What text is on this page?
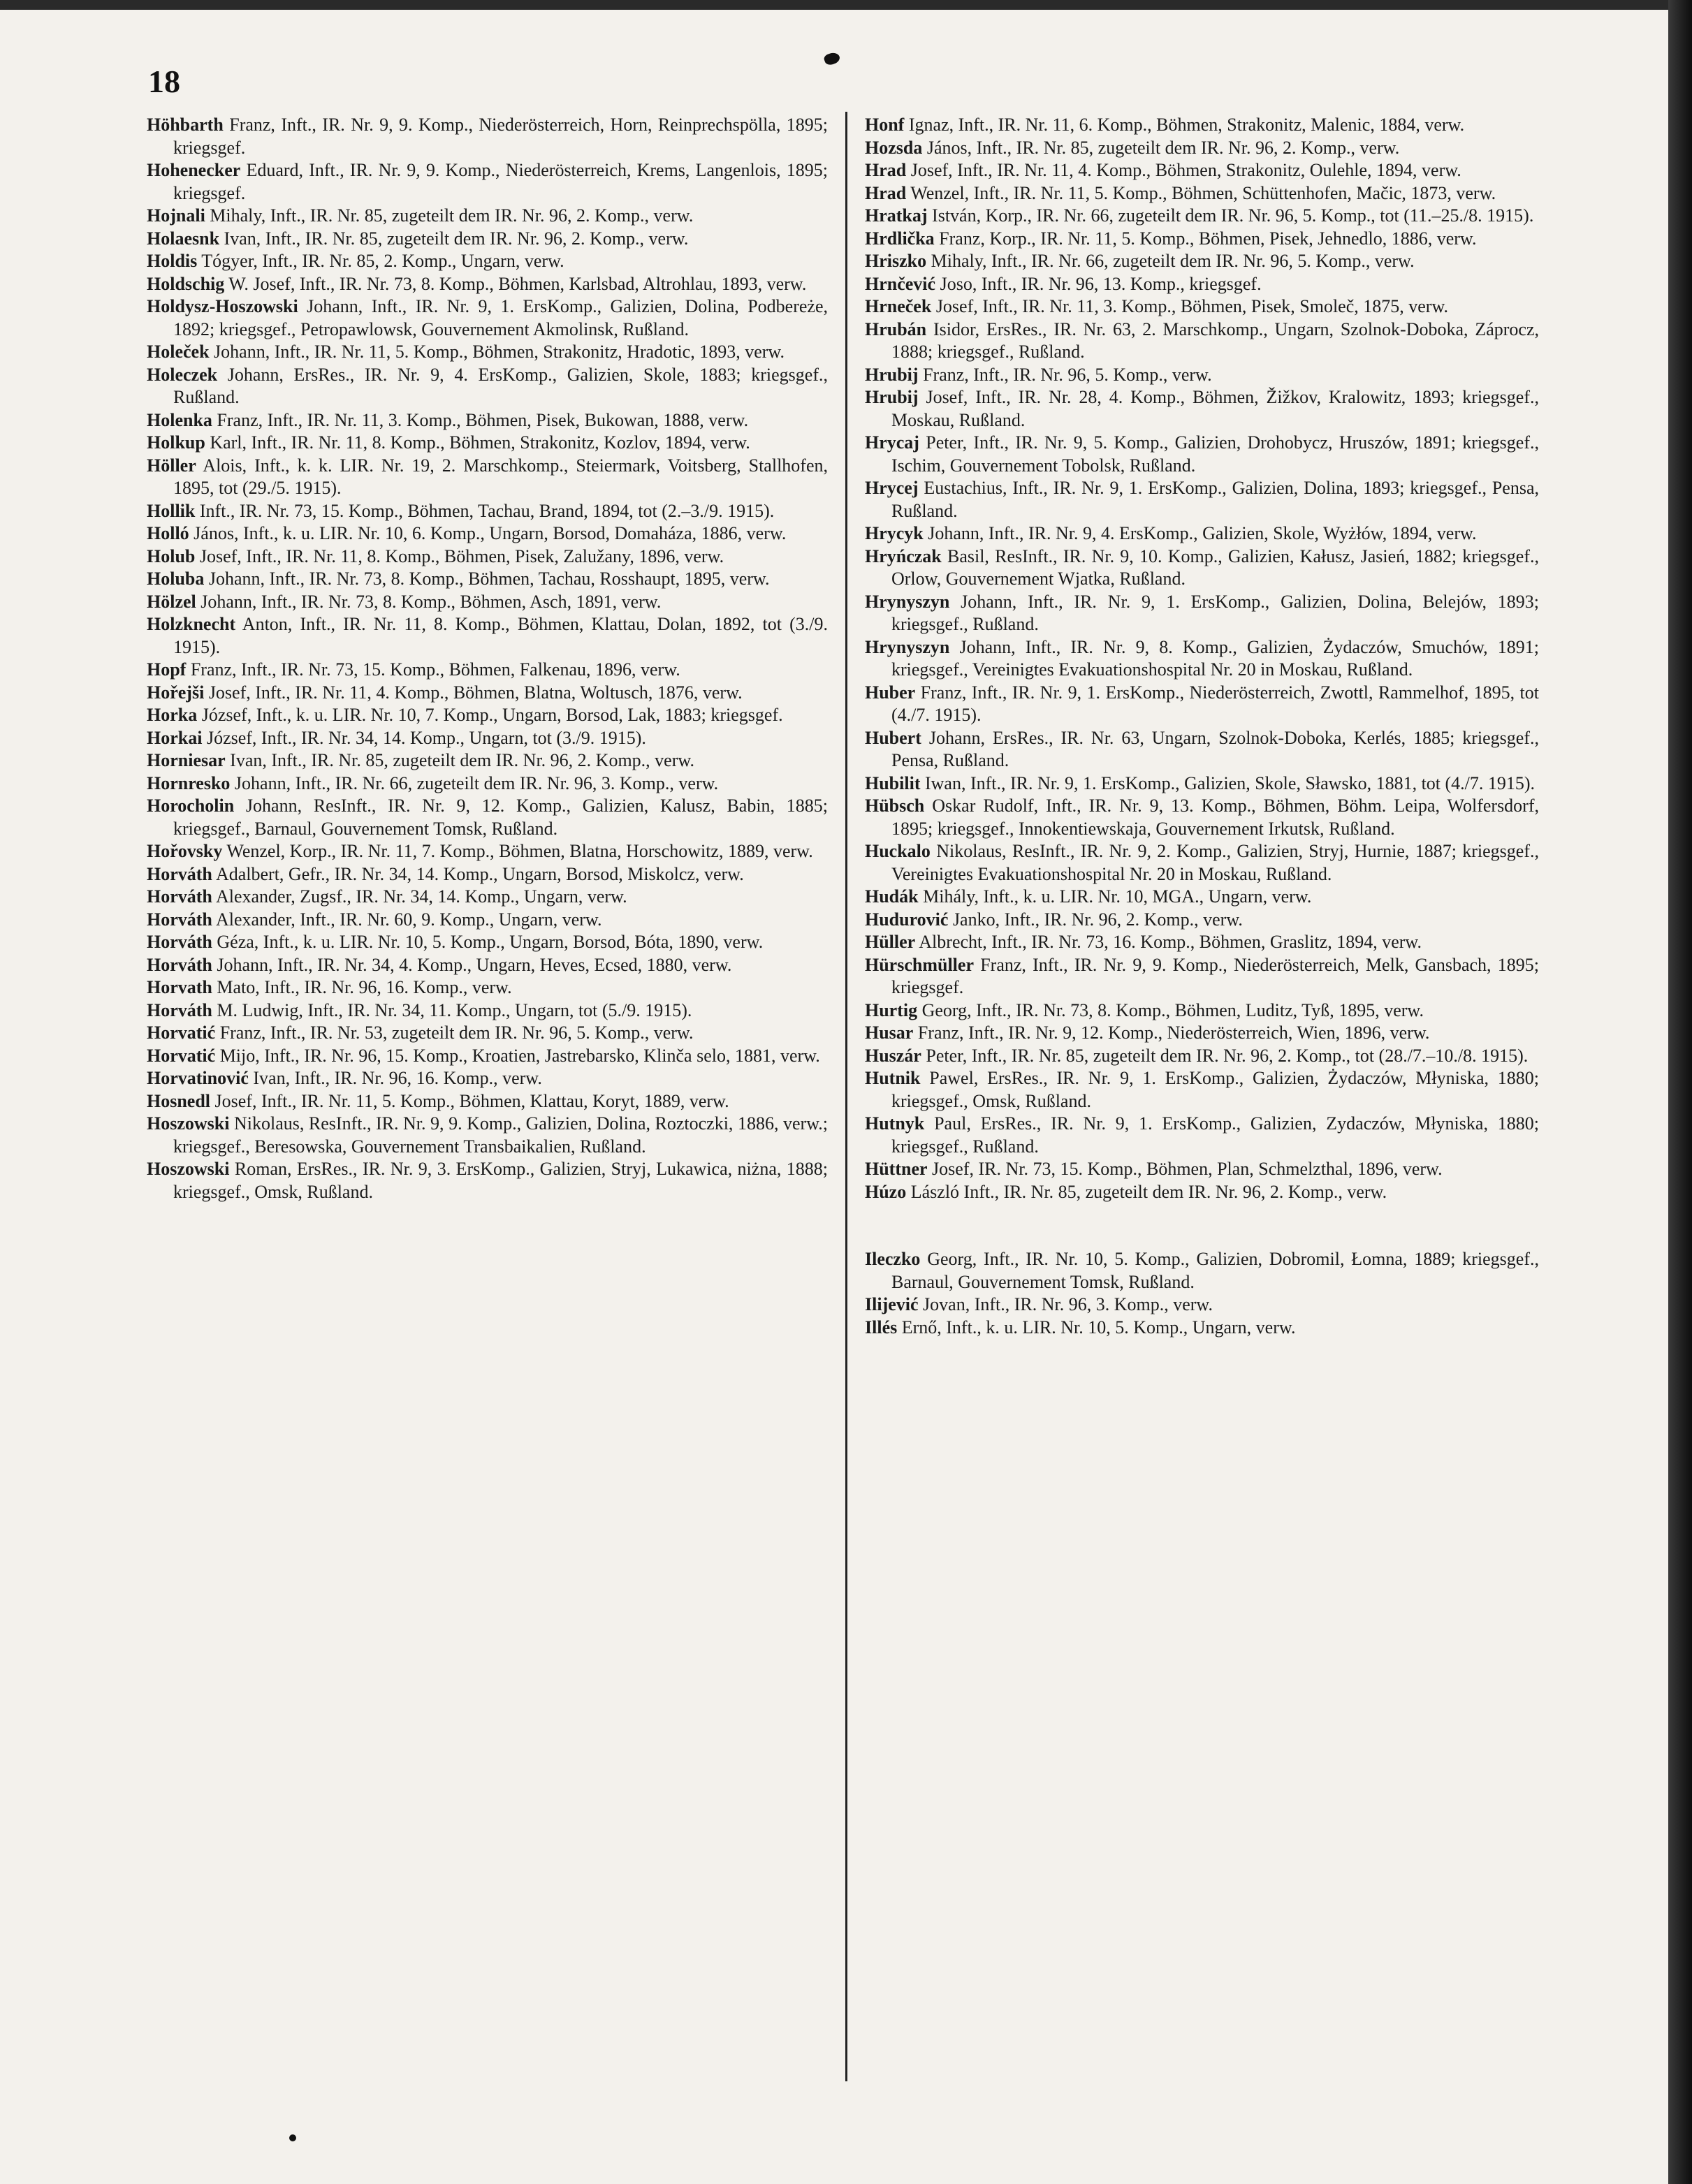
18

Höhbarth Franz, Inft., IR. Nr. 9, 9. Komp., Niederösterreich, Horn, Reinprechspölla, 1895; kriegsgef.

Hohenecker Eduard, Inft., IR. Nr. 9, 9. Komp., Niederösterreich, Krems, Langenlois, 1895; kriegsgef.

Hojnali Mihaly, Inft., IR. Nr. 85, zugeteilt dem IR. Nr. 96, 2. Komp., verw.

Holaesnk Ivan, Inft., IR. Nr. 85, zugeteilt dem IR. Nr. 96, 2. Komp., verw.

Holdis Tógyer, Inft., IR. Nr. 85, 2. Komp., Ungarn, verw.

Holdschig W. Josef, Inft., IR. Nr. 73, 8. Komp., Böhmen, Karlsbad, Altrohlau, 1893, verw.

Holdysz-Hoszowski Johann, Inft., IR. Nr. 9, 1. ErsKomp., Galizien, Dolina, Podbereże, 1892; kriegsgef., Petropawlowsk, Gouvernement Akmolinsk, Rußland.

Holeček Johann, Inft., IR. Nr. 11, 5. Komp., Böhmen, Strakonitz, Hradotic, 1893, verw.

Holeczek Johann, ErsRes., IR. Nr. 9, 4. ErsKomp., Galizien, Skole, 1883; kriegsgef., Rußland.

Holenka Franz, Inft., IR. Nr. 11, 3. Komp., Böhmen, Pisek, Bukowan, 1888, verw.

Holkup Karl, Inft., IR. Nr. 11, 8. Komp., Böhmen, Strakonitz, Kozlov, 1894, verw.

Höller Alois, Inft., k. k. LIR. Nr. 19, 2. Marschkomp., Steiermark, Voitsberg, Stallhofen, 1895, tot (29./5. 1915).

Hollik Inft., IR. Nr. 73, 15. Komp., Böhmen, Tachau, Brand, 1894, tot (2.–3./9. 1915).

Holló János, Inft., k. u. LIR. Nr. 10, 6. Komp., Ungarn, Borsod, Domaháza, 1886, verw.

Holub Josef, Inft., IR. Nr. 11, 8. Komp., Böhmen, Pisek, Zalužany, 1896, verw.

Holuba Johann, Inft., IR. Nr. 73, 8. Komp., Böhmen, Tachau, Rosshaupt, 1895, verw.

Hölzel Johann, Inft., IR. Nr. 73, 8. Komp., Böhmen, Asch, 1891, verw.

Holzknecht Anton, Inft., IR. Nr. 11, 8. Komp., Böhmen, Klattau, Dolan, 1892, tot (3./9. 1915).

Hopf Franz, Inft., IR. Nr. 73, 15. Komp., Böhmen, Falkenau, 1896, verw.

Hořejši Josef, Inft., IR. Nr. 11, 4. Komp., Böhmen, Blatna, Woltusch, 1876, verw.

Horka József, Inft., k. u. LIR. Nr. 10, 7. Komp., Ungarn, Borsod, Lak, 1883; kriegsgef.

Horkai József, Inft., IR. Nr. 34, 14. Komp., Ungarn, tot (3./9. 1915).

Horniesar Ivan, Inft., IR. Nr. 85, zugeteilt dem IR. Nr. 96, 2. Komp., verw.

Hornresko Johann, Inft., IR. Nr. 66, zugeteilt dem IR. Nr. 96, 3. Komp., verw.

Horocholin Johann, ResInft., IR. Nr. 9, 12. Komp., Galizien, Kalusz, Babin, 1885; kriegsgef., Barnaul, Gouvernement Tomsk, Rußland.

Hořovsky Wenzel, Korp., IR. Nr. 11, 7. Komp., Böhmen, Blatna, Horschowitz, 1889, verw.

Horváth Adalbert, Gefr., IR. Nr. 34, 14. Komp., Ungarn, Borsod, Miskolcz, verw.

Horváth Alexander, Zugsf., IR. Nr. 34, 14. Komp., Ungarn, verw.

Horváth Alexander, Inft., IR. Nr. 60, 9. Komp., Ungarn, verw.

Horváth Géza, Inft., k. u. LIR. Nr. 10, 5. Komp., Ungarn, Borsod, Bóta, 1890, verw.

Horváth Johann, Inft., IR. Nr. 34, 4. Komp., Ungarn, Heves, Ecsed, 1880, verw.

Horvath Mato, Inft., IR. Nr. 96, 16. Komp., verw.

Horváth M. Ludwig, Inft., IR. Nr. 34, 11. Komp., Ungarn, tot (5./9. 1915).

Horvatić Franz, Inft., IR. Nr. 53, zugeteilt dem IR. Nr. 96, 5. Komp., verw.

Horvatić Mijo, Inft., IR. Nr. 96, 15. Komp., Kroatien, Jastrebarsko, Klinča selo, 1881, verw.

Horvatinović Ivan, Inft., IR. Nr. 96, 16. Komp., verw.

Hosnedl Josef, Inft., IR. Nr. 11, 5. Komp., Böhmen, Klattau, Koryt, 1889, verw.

Hoszowski Nikolaus, ResInft., IR. Nr. 9, 9. Komp., Galizien, Dolina, Roztoczki, 1886, verw.; kriegsgef., Beresowska, Gouvernement Transbaikalien, Rußland.

Hoszowski Roman, ErsRes., IR. Nr. 9, 3. ErsKomp., Galizien, Stryj, Lukawica, niżna, 1888; kriegsgef., Omsk, Rußland.

Honf Ignaz, Inft., IR. Nr. 11, 6. Komp., Böhmen, Strakonitz, Malenic, 1884, verw.

Hozsda János, Inft., IR. Nr. 85, zugeteilt dem IR. Nr. 96, 2. Komp., verw.

Hrad Josef, Inft., IR. Nr. 11, 4. Komp., Böhmen, Strakonitz, Oulehle, 1894, verw.

Hrad Wenzel, Inft., IR. Nr. 11, 5. Komp., Böhmen, Schüttenhofen, Mačic, 1873, verw.

Hratkaj István, Korp., IR. Nr. 66, zugeteilt dem IR. Nr. 96, 5. Komp., tot (11.–25./8. 1915).

Hrdlička Franz, Korp., IR. Nr. 11, 5. Komp., Böhmen, Pisek, Jehnedlo, 1886, verw.

Hriszko Mihaly, Inft., IR. Nr. 66, zugeteilt dem IR. Nr. 96, 5. Komp., verw.

Hrnčević Joso, Inft., IR. Nr. 96, 13. Komp., kriegsgef.

Hrneček Josef, Inft., IR. Nr. 11, 3. Komp., Böhmen, Pisek, Smoleč, 1875, verw.

Hrubán Isidor, ErsRes., IR. Nr. 63, 2. Marschkomp., Ungarn, Szolnok-Doboka, Záprocz, 1888; kriegsgef., Rußland.

Hrubij Franz, Inft., IR. Nr. 96, 5. Komp., verw.

Hrubij Josef, Inft., IR. Nr. 28, 4. Komp., Böhmen, Žižkov, Kralowitz, 1893; kriegsgef., Moskau, Rußland.

Hrycaj Peter, Inft., IR. Nr. 9, 5. Komp., Galizien, Drohobycz, Hruszów, 1891; kriegsgef., Ischim, Gouvernement Tobolsk, Rußland.

Hrycej Eustachius, Inft., IR. Nr. 9, 1. ErsKomp., Galizien, Dolina, 1893; kriegsgef., Pensa, Rußland.

Hrycyk Johann, Inft., IR. Nr. 9, 4. ErsKomp., Galizien, Skole, Wyżłów, 1894, verw.

Hryńczak Basil, ResInft., IR. Nr. 9, 10. Komp., Galizien, Kałusz, Jasień, 1882; kriegsgef., Orlow, Gouvernement Wjatka, Rußland.

Hrynyszyn Johann, Inft., IR. Nr. 9, 1. ErsKomp., Galizien, Dolina, Belejów, 1893; kriegsgef., Rußland.

Hrynyszyn Johann, Inft., IR. Nr. 9, 8. Komp., Galizien, Żydaczów, Smuchów, 1891; kriegsgef., Vereinigtes Evakuationshospital Nr. 20 in Moskau, Rußland.

Huber Franz, Inft., IR. Nr. 9, 1. ErsKomp., Niederösterreich, Zwottl, Rammelhof, 1895, tot (4./7. 1915).

Hubert Johann, ErsRes., IR. Nr. 63, Ungarn, Szolnok-Doboka, Kerlés, 1885; kriegsgef., Pensa, Rußland.

Hubilit Iwan, Inft., IR. Nr. 9, 1. ErsKomp., Galizien, Skole, Sławsko, 1881, tot (4./7. 1915).

Hübsch Oskar Rudolf, Inft., IR. Nr. 9, 13. Komp., Böhmen, Böhm. Leipa, Wolfersdorf, 1895; kriegsgef., Innokentiewskaja, Gouvernement Irkutsk, Rußland.

Huckalo Nikolaus, ResInft., IR. Nr. 9, 2. Komp., Galizien, Stryj, Hurnie, 1887; kriegsgef., Vereinigtes Evakuationshospital Nr. 20 in Moskau, Rußland.

Hudák Mihály, Inft., k. u. LIR. Nr. 10, MGA., Ungarn, verw.

Hudurović Janko, Inft., IR. Nr. 96, 2. Komp., verw.

Hüller Albrecht, Inft., IR. Nr. 73, 16. Komp., Böhmen, Graslitz, 1894, verw.

Hürschmüller Franz, Inft., IR. Nr. 9, 9. Komp., Niederösterreich, Melk, Gansbach, 1895; kriegsgef.

Hurtig Georg, Inft., IR. Nr. 73, 8. Komp., Böhmen, Luditz, Tyß, 1895, verw.

Husar Franz, Inft., IR. Nr. 9, 12. Komp., Niederösterreich, Wien, 1896, verw.

Huszár Peter, Inft., IR. Nr. 85, zugeteilt dem IR. Nr. 96, 2. Komp., tot (28./7.–10./8. 1915).

Hutnik Pawel, ErsRes., IR. Nr. 9, 1. ErsKomp., Galizien, Żydaczów, Młyniska, 1880; kriegsgef., Omsk, Rußland.

Hutnyk Paul, ErsRes., IR. Nr. 9, 1. ErsKomp., Galizien, Zydaczów, Młyniska, 1880; kriegsgef., Rußland.

Hüttner Josef, IR. Nr. 73, 15. Komp., Böhmen, Plan, Schmelzthal, 1896, verw.

Húzo László Inft., IR. Nr. 85, zugeteilt dem IR. Nr. 96, 2. Komp., verw.

Ileczko Georg, Inft., IR. Nr. 10, 5. Komp., Galizien, Dobromil, Łomna, 1889; kriegsgef., Barnaul, Gouvernement Tomsk, Rußland.

Ilijević Jovan, Inft., IR. Nr. 96, 3. Komp., verw.

Illés Ernő, Inft., k. u. LIR. Nr. 10, 5. Komp., Ungarn, verw.
